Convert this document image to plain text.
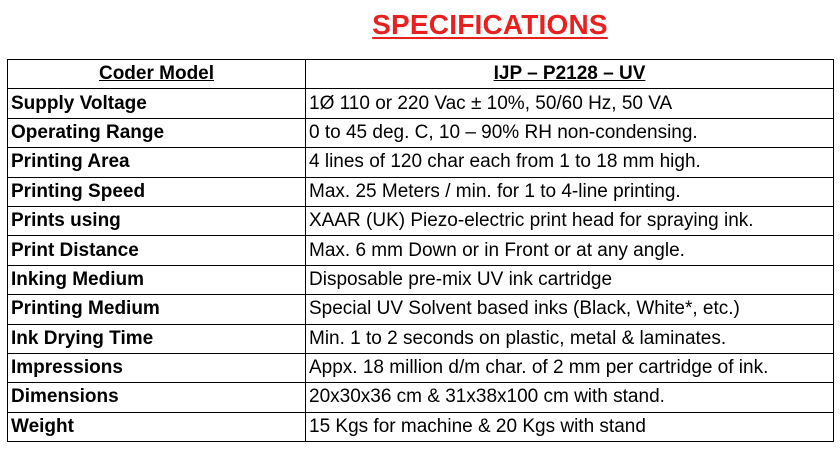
SPECIFICATIONS
Coder Model	IJP – P2128 – UV
Supply Voltage	1Ø 110 or 220 Vac ± 10%, 50/60 Hz, 50 VA
Operating Range	0 to 45 deg. C, 10 – 90% RH non-condensing.
Printing Area	4 lines of 120 char each from 1 to 18 mm high.
Printing Speed	Max. 25 Meters / min. for 1 to 4-line printing.
Prints using	XAAR (UK) Piezo-electric print head for spraying ink.
Print Distance	Max. 6 mm Down or in Front or at any angle.
Inking Medium	Disposable pre-mix UV ink cartridge
Printing Medium	Special UV Solvent based inks (Black, White*, etc.)
Ink Drying Time	Min. 1 to 2 seconds on plastic, metal & laminates.
Impressions	Appx. 18 million d/m char. of 2 mm per cartridge of ink.
Dimensions	20x30x36 cm & 31x38x100 cm with stand.
Weight	15 Kgs for machine & 20 Kgs with stand
